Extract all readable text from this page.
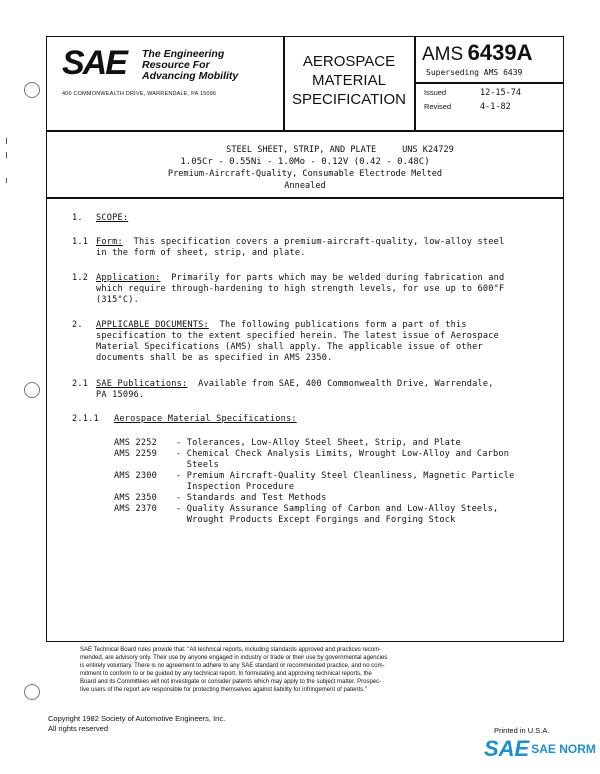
SAE The Engineering
Resource For
Advancing Mobility
400 COMMONWEALTH DRIVE, WARRENDALE, PA 15096
AEROSPACE
MATERIAL
SPECIFICATION
AMS 6439A
Superseding AMS 6439
Issued	12-15-74
Revised	4-1-82
STEEL SHEET, STRIP, AND PLATE	UNS K24729
1.05Cr - 0.55Ni - 1.0Mo - 0.12V (0.42 - 0.48C)
Premium-Aircraft-Quality, Consumable Electrode Melted
Annealed
1. SCOPE:
1.1 Form: This specification covers a premium-aircraft-quality, low-alloy steel
in the form of sheet, strip, and plate.
1.2 Application: Primarily for parts which may be welded during fabrication and
which require through-hardening to high strength levels, for use up to 600°F
(315°C).
2. APPLICABLE DOCUMENTS: The following publications form a part of this
specification to the extent specified herein. The latest issue of Aerospace
Material Specifications (AMS) shall apply. The applicable issue of other
documents shall be as specified in AMS 2350.
2.1 SAE Publications: Available from SAE, 400 Commonwealth Drive, Warrendale,
PA 15096.
2.1.1 Aerospace Material Specifications:
AMS 2252	- Tolerances, Low-Alloy Steel Sheet, Strip, and Plate
AMS 2259	- Chemical Check Analysis Limits, Wrought Low-Alloy and Carbon
Steels
AMS 2300	- Premium Aircraft-Quality Steel Cleanliness, Magnetic Particle
Inspection Procedure
AMS 2350	- Standards and Test Methods
AMS 2370	- Quality Assurance Sampling of Carbon and Low-Alloy Steels,
Wrought Products Except Forgings and Forging Stock
SAE Technical Board rules provide that: "All technical reports, including standards approved and practices recom-
mended, are advisory only. Their use by anyone engaged in industry or trade or their use by governmental agencies
is entirely voluntary. There is no agreement to adhere to any SAE standard or recommended practice, and no com-
mitment to conform to or be guided by any technical report. In formulating and approving technical reports, the
Board and its Committees will not investigate or consider patents which may apply to the subject matter. Prospec-
tive users of the report are responsible for protecting themselves against liability for infringement of patents."
Copyright 1982 Society of Automotive Engineers, Inc.
All rights reserved	Printed in U.S.A.
SAE SAE NORM
